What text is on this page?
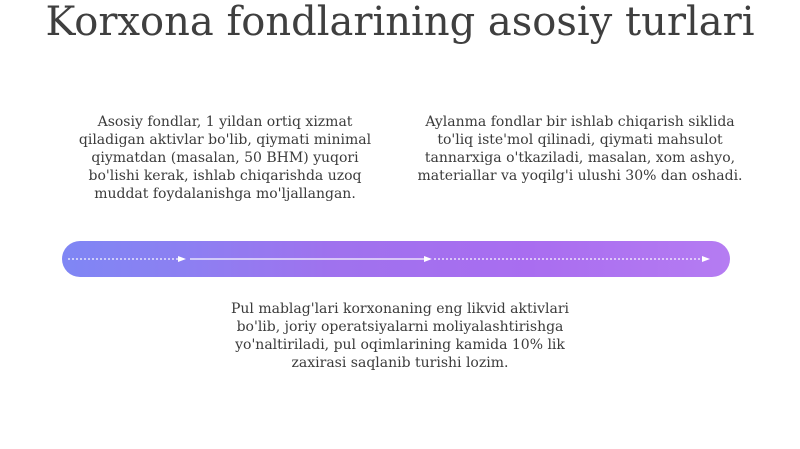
Korxona fondlarining asosiy turlari

Asosiy fondlar, 1 yildan ortiq xizmat qiladigan aktivlar bo'lib, qiymati minimal qiymatdan (masalan, 50 BHM) yuqori bo'lishi kerak, ishlab chiqarishda uzoq muddat foydalanishga mo'ljallangan.

Aylanma fondlar bir ishlab chiqarish siklida to'liq iste'mol qilinadi, qiymati mahsulot tannarxiga o'tkaziladi, masalan, xom ashyo, materiallar va yoqilg'i ulushi 30% dan oshadi.

Pul mablag'lari korxonaning eng likvid aktivlari bo'lib, joriy operatsiyalarni moliyalashtirishga yo'naltiriladi, pul oqimlarining kamida 10% lik zaxirasi saqlanib turishi lozim.
